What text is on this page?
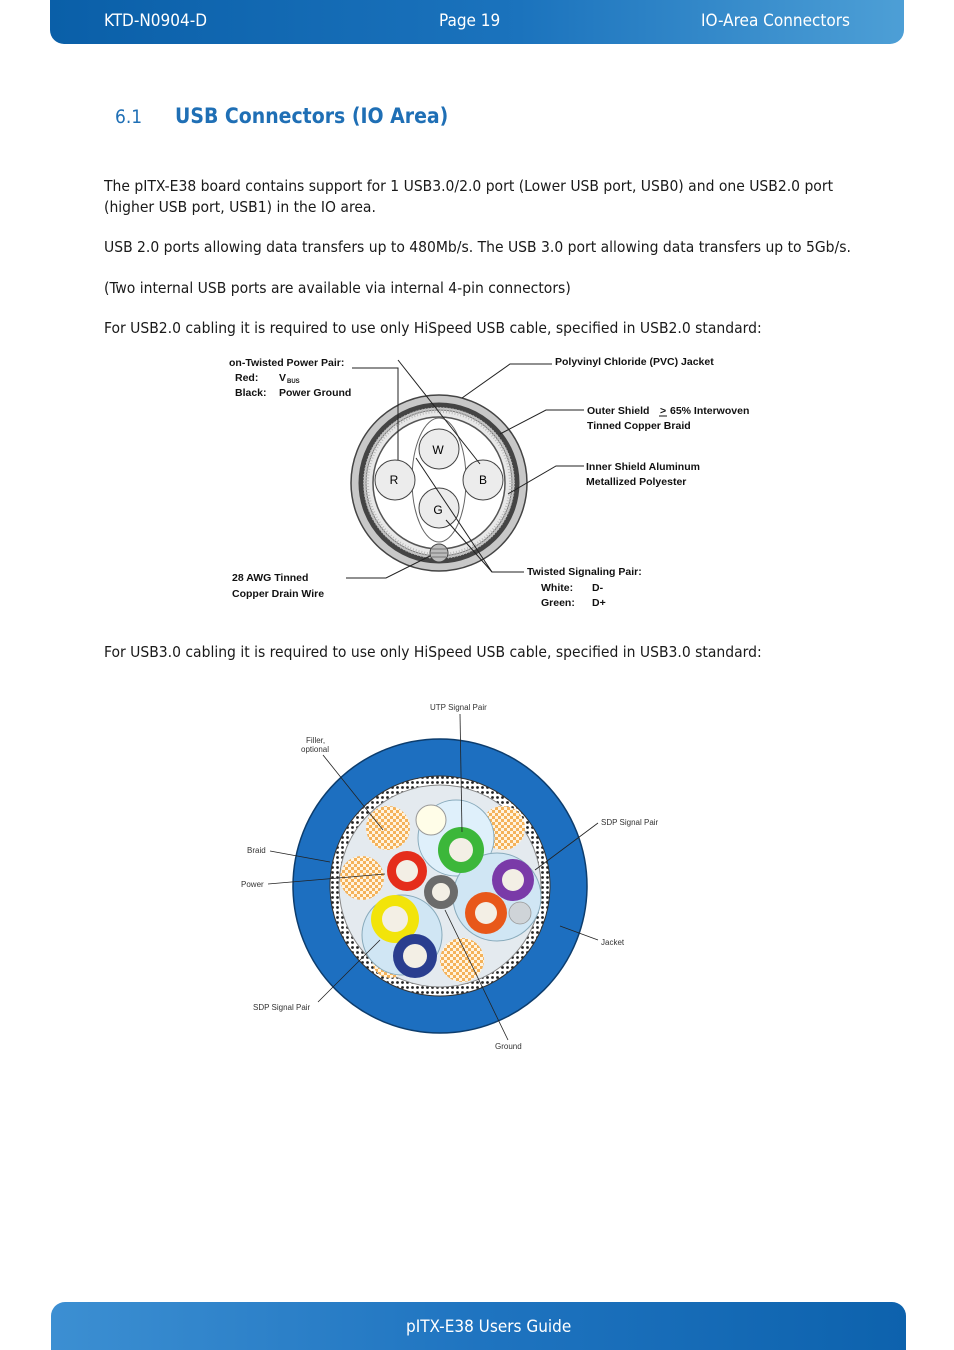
KTD-N0904-D	Page 19	IO-Area Connectors
6.1 USB Connectors (IO Area)
The pITX-E38 board contains support for 1 USB3.0/2.0 port (Lower USB port, USB0) and one USB2.0 port (higher USB port, USB1) in the IO area.
USB 2.0 ports allowing data transfers up to 480Mb/s. The USB 3.0 port allowing data transfers up to 5Gb/s.
(Two internal USB ports are available via internal 4-pin connectors)
For USB2.0 cabling it is required to use only HiSpeed USB cable, specified in USB2.0 standard:
For USB3.0 cabling it is required to use only HiSpeed USB cable, specified in USB3.0 standard:
W
R	B
G
on-Twisted Power Pair:
Red: V BUS
Black: Power Ground
Polyvinyl Chloride (PVC) Jacket
Outer Shield > 65% Interwoven
Tinned Copper Braid
Inner Shield Aluminum
Metallized Polyester
28 AWG Tinned
Copper Drain Wire
Twisted Signaling Pair:
White: D-
Green: D+
UTP Signal Pair
Filler,
optional
SDP Signal Pair
Braid
Power
Jacket
SDP Signal Pair
Ground
pITX-E38 Users Guide
